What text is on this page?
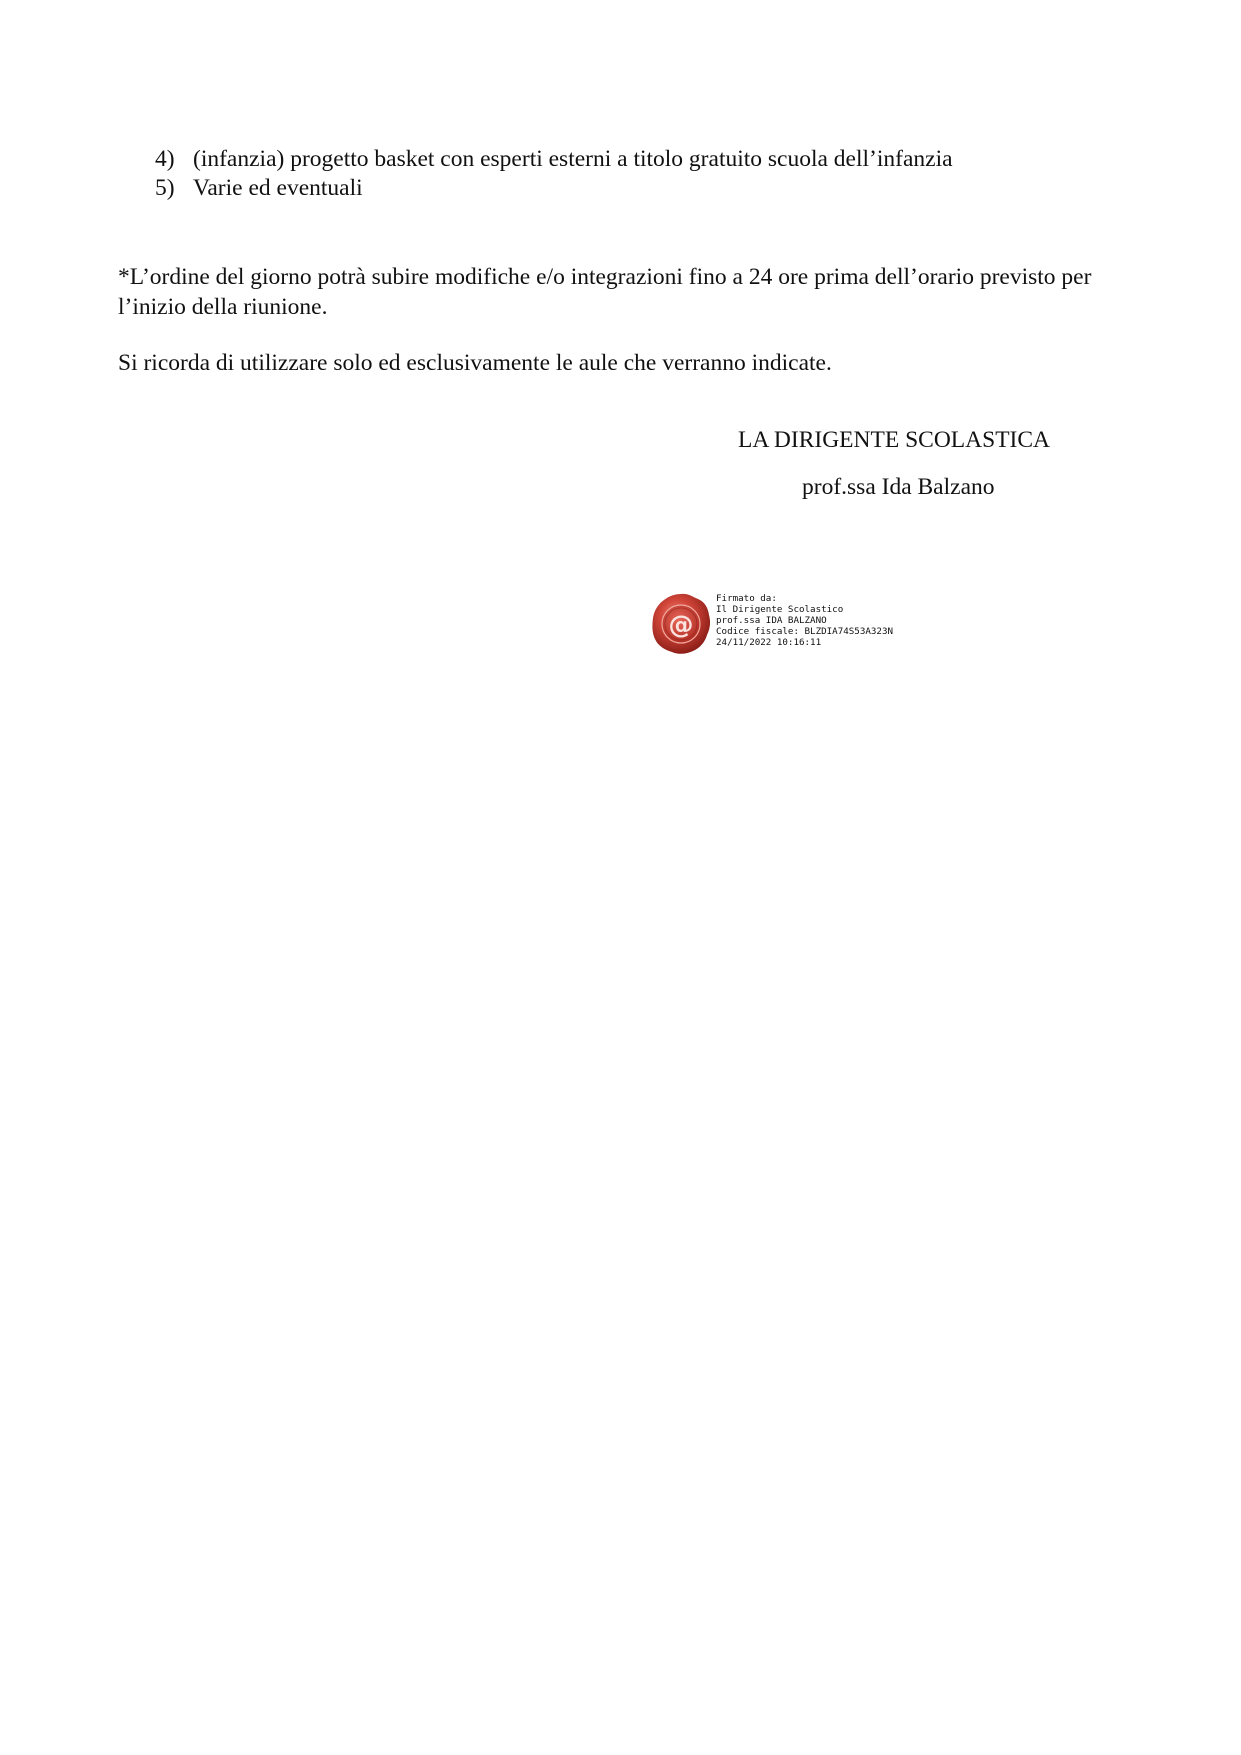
4) (infanzia) progetto basket con esperti esterni a titolo gratuito scuola dell’infanzia
5) Varie ed eventuali

*L’ordine del giorno potrà subire modifiche e/o integrazioni fino a 24 ore prima dell’orario previsto per l’inizio della riunione.

Si ricorda di utilizzare solo ed esclusivamente le aule che verranno indicate.

LA DIRIGENTE SCOLASTICA

prof.ssa Ida Balzano

@
Firmato da:
Il Dirigente Scolastico
prof.ssa IDA BALZANO
Codice fiscale: BLZDIA74S53A323N
24/11/2022 10:16:11
